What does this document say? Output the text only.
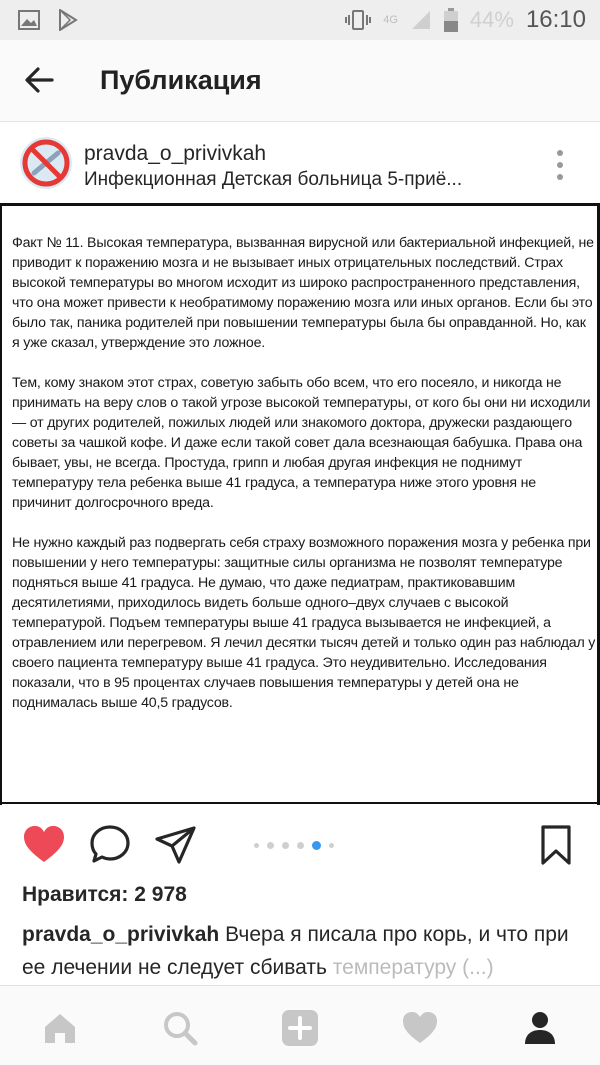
4G	44% 16:10
Публикация
pravda_o_privivkah
Инфекционная Детская больница 5-приё...

Факт № 11. Высокая температура, вызванная вирусной или бактериальной инфекцией, не приводит к поражению мозга и не вызывает иных отрицательных последствий. Страх высокой температуры во многом исходит из широко распространенного представления, что она может привести к необратимому поражению мозга или иных органов. Если бы это было так, паника родителей при повышении температуры была бы оправданной. Но, как я уже сказал, утверждение это ложное.

Тем, кому знаком этот страх, советую забыть обо всем, что его посеяло, и никогда не принимать на веру слов о такой угрозе высокой температуры, от кого бы они ни исходили — от других родителей, пожилых людей или знакомого доктора, дружески раздающего советы за чашкой кофе. И даже если такой совет дала всезнающая бабушка. Права она бывает, увы, не всегда. Простуда, грипп и любая другая инфекция не поднимут температуру тела ребенка выше 41 градуса, а температура ниже этого уровня не причинит долгосрочного вреда.

Не нужно каждый раз подвергать себя страху возможного поражения мозга у ребенка при повышении у него температуры: защитные силы организма не позволят температуре подняться выше 41 градуса. Не думаю, что даже педиатрам, практиковавшим десятилетиями, приходилось видеть больше одного–двух случаев с высокой температурой. Подъем температуры выше 41 градуса вызывается не инфекцией, а отравлением или перегревом. Я лечил десятки тысяч детей и только один раз наблюдал у своего пациента температуру выше 41 градуса. Это неудивительно. Исследования показали, что в 95 процентах случаев повышения температуры у детей она не поднималась выше 40,5 градусов.

Нравится: 2 978
pravda_o_privivkah Вчера я писала про корь, и что при ее лечении не следует сбивать температуру (...)
